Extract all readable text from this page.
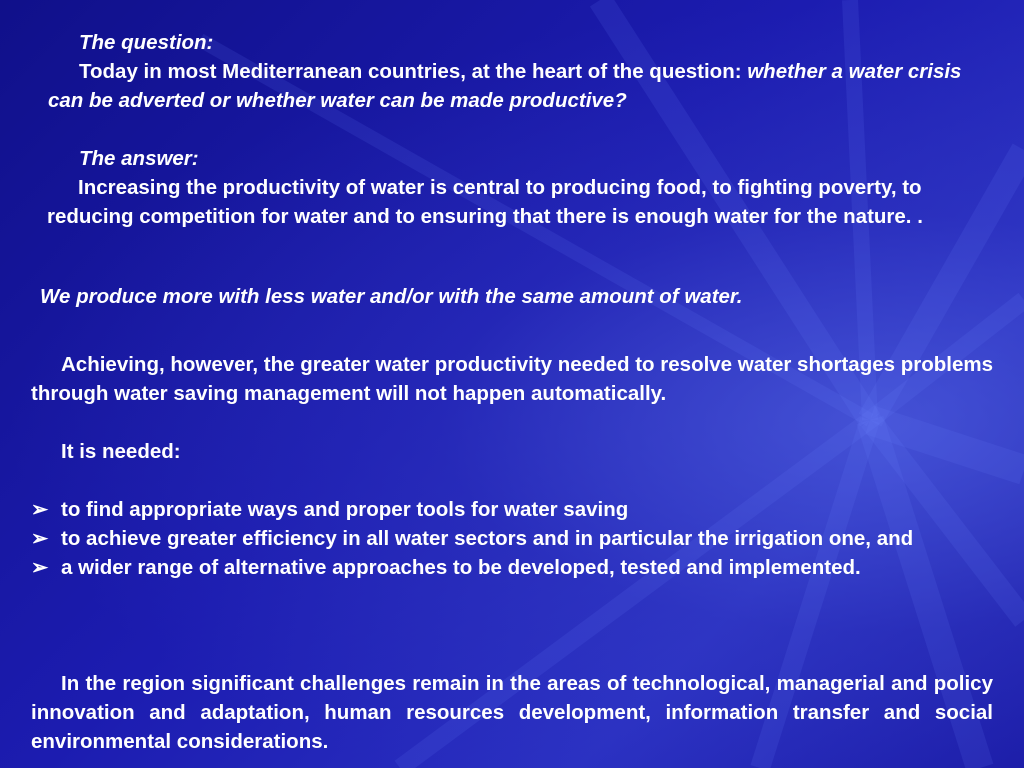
The question:
Today in most Mediterranean countries, at the heart of the question: whether a water crisis can be adverted or whether water can be made productive?
The answer:
Increasing the productivity of water is central to producing food, to fighting poverty, to reducing competition for water and to ensuring that there is enough water for the nature. .
We produce more with less water and/or with the same amount of water.

Achieving, however, the greater water productivity needed to resolve water shortages problems through water saving management will not happen automatically.

It is needed:
➢ to find appropriate ways and proper tools for water saving
➢ to achieve greater efficiency in all water sectors and in particular the irrigation one, and
➢ a wider range of alternative approaches to be developed, tested and implemented.

In the region significant challenges remain in the areas of technological, managerial and policy innovation and adaptation, human resources development, information transfer and social environmental considerations.
